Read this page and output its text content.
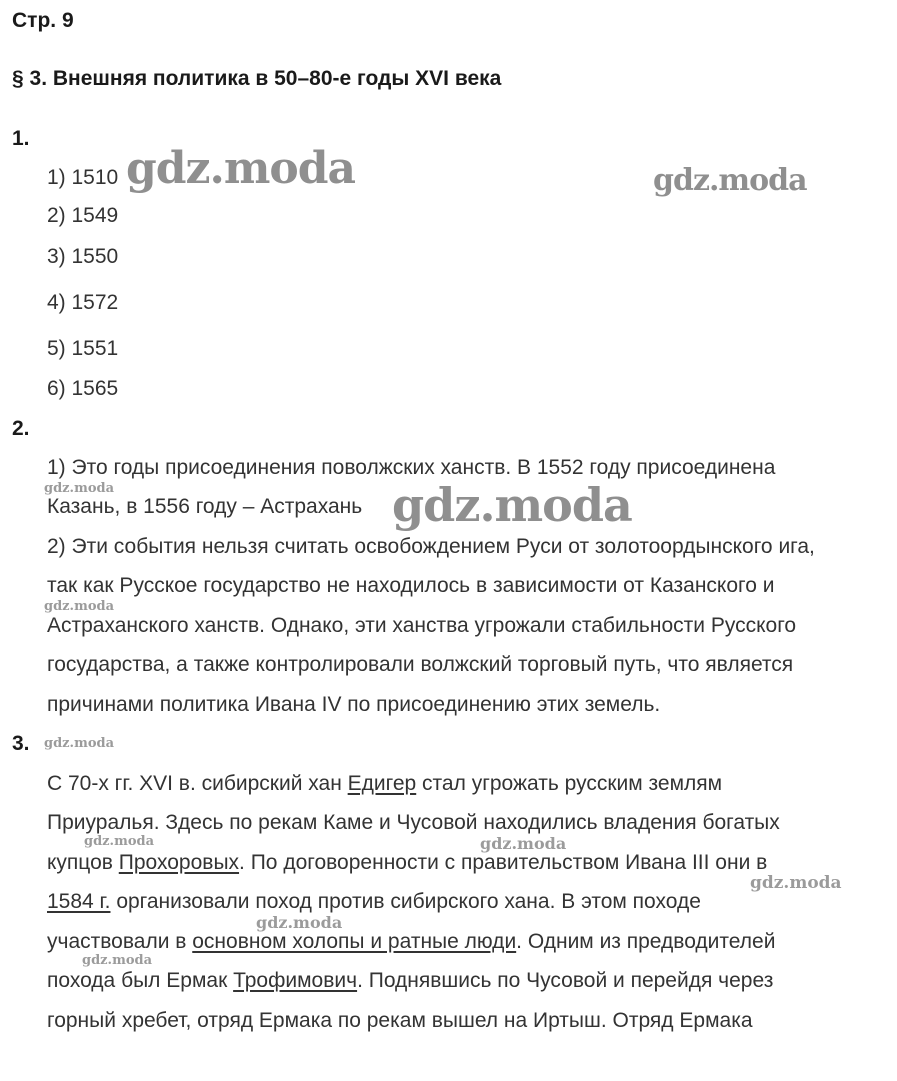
Стр. 9
§ 3. Внешняя политика в 50–80-е годы XVI века
1.
1) 1510
2) 1549
3) 1550
4) 1572
5) 1551
6) 1565
2.
1) Это годы присоединения поволжских ханств. В 1552 году присоединена
Казань, в 1556 году – Астрахань
2) Эти события нельзя считать освобождением Руси от золотоордынского ига,
так как Русское государство не находилось в зависимости от Казанского и
Астраханского ханств. Однако, эти ханства угрожали стабильности Русского
государства, а также контролировали волжский торговый путь, что является
причинами политика Ивана IV по присоединению этих земель.
3.
С 70-х гг. XVI в. сибирский хан Едигер стал угрожать русским землям
Приуралья. Здесь по рекам Каме и Чусовой находились владения богатых
купцов Прохоровых. По договоренности с правительством Ивана III они в
1584 г. организовали поход против сибирского хана. В этом походе
участвовали в основном холопы и ратные люди. Одним из предводителей
похода был Ермак Трофимович. Поднявшись по Чусовой и перейдя через
горный хребет, отряд Ермака по рекам вышел на Иртыш. Отряд Ермака
gdz.moda	gdz.moda
gdz.moda
gdz.moda
gdz.moda
gdz.moda
gdz.moda	gdz.moda
gdz.moda
gdz.moda
gdz.moda
